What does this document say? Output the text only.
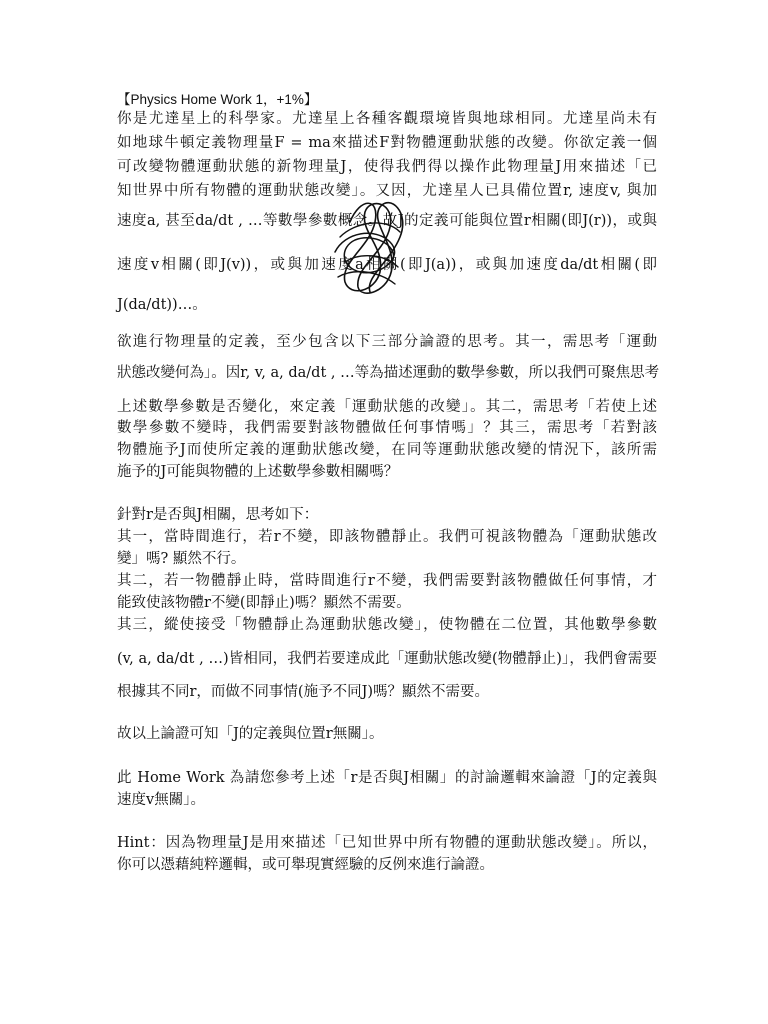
【Physics Home Work 1，+1%】
你是尤達星上的科學家。尤達星上各種客觀環境皆與地球相同。尤達星尚未有
如地球牛頓定義物理量F = ma來描述F對物體運動狀態的改變。你欲定義一個
可改變物體運動狀態的新物理量J，使得我們得以操作此物理量J用來描述「已
知世界中所有物體的運動狀態改變」。又因，尤達星人已具備位置r, 速度v, 與加
速度a, 甚至da/dt , …等數學參數概念。故J的定義可能與位置r相關(即J(r))，或與
速度v相關(即J(v))，或與加速度a相關(即J(a))，或與加速度da/dt相關(即
J(da/dt))…。
欲進行物理量的定義，至少包含以下三部分論證的思考。其一，需思考「運動
狀態改變何為」。因r, v, a, da/dt , …等為描述運動的數學參數，所以我們可聚焦思考
上述數學參數是否變化，來定義「運動狀態的改變」。其二，需思考「若使上述
數學參數不變時，我們需要對該物體做任何事情嗎」？其三，需思考「若對該
物體施予J而使所定義的運動狀態改變，在同等運動狀態改變的情況下，該所需
施予的J可能與物體的上述數學參數相關嗎？
針對r是否與J相關，思考如下：
其一，當時間進行，若r不變，即該物體靜止。我們可視該物體為「運動狀態改
變」嗎? 顯然不行。
其二，若一物體靜止時，當時間進行r不變，我們需要對該物體做任何事情，才
能致使該物體r不變(即靜止)嗎？顯然不需要。
其三，縱使接受「物體靜止為運動狀態改變」，使物體在二位置，其他數學參數
(v, a, da/dt , …)皆相同，我們若要達成此「運動狀態改變(物體靜止)」，我們會需要
根據其不同r，而做不同事情(施予不同J)嗎？顯然不需要。
故以上論證可知「J的定義與位置r無關」。
此 Home Work 為請您參考上述「r是否與J相關」的討論邏輯來論證「J的定義與
速度v無關」。
Hint：因為物理量J是用來描述「已知世界中所有物體的運動狀態改變」。所以，
你可以憑藉純粹邏輯，或可舉現實經驗的反例來進行論證。
